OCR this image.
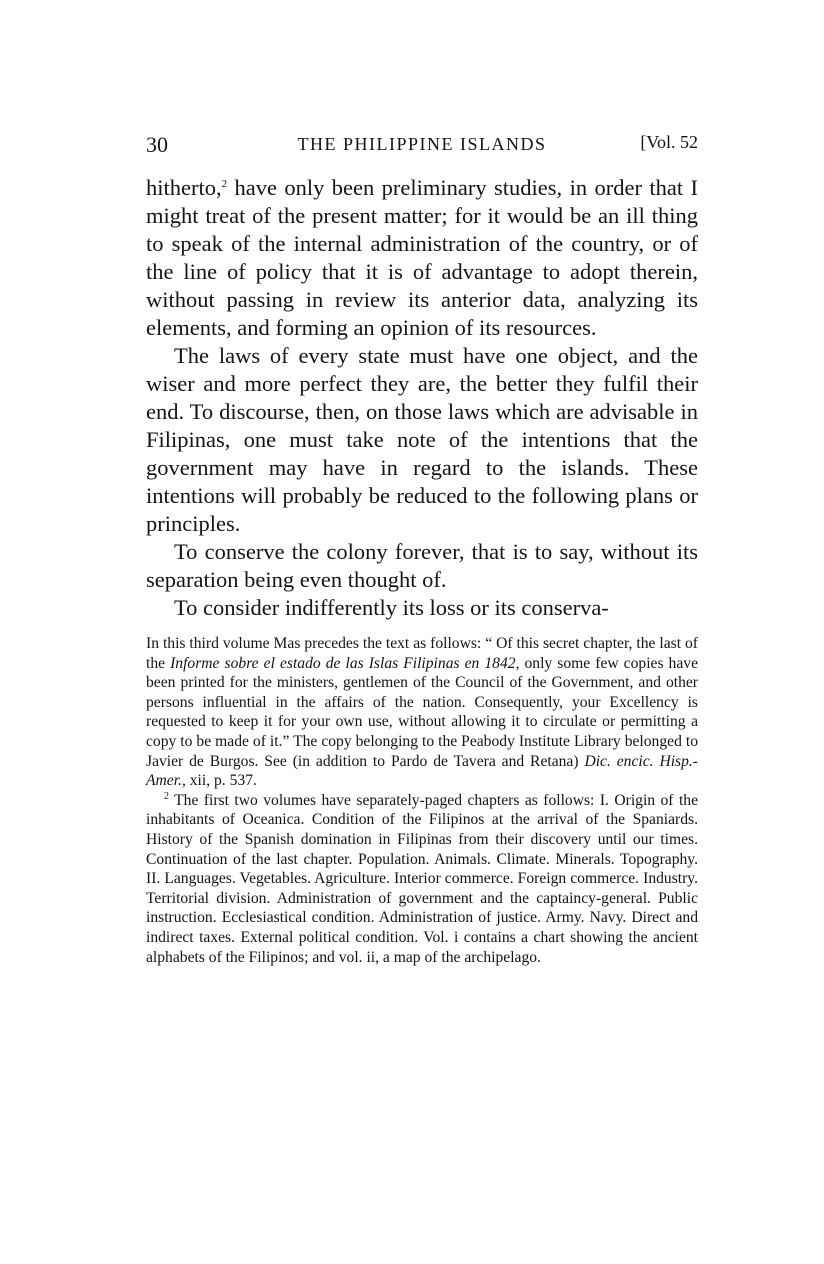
30	THE PHILIPPINE ISLANDS	[Vol. 52

hitherto,$^2$ have only been preliminary studies, in order that I might treat of the present matter; for it would be an ill thing to speak of the internal administration of the country, or of the line of policy that it is of advantage to adopt therein, without passing in review its anterior data, analyzing its elements, and forming an opinion of its resources.

The laws of every state must have one object, and the wiser and more perfect they are, the better they fulfil their end. To discourse, then, on those laws which are advisable in Filipinas, one must take note of the intentions that the government may have in regard to the islands. These intentions will probably be reduced to the following plans or principles.

To conserve the colony forever, that is to say, without its separation being even thought of.

To consider indifferently its loss or its conserva-

In this third volume Mas precedes the text as follows: “ Of this secret chapter, the last of the Informe sobre el estado de las Islas Filipinas en 1842, only some few copies have been printed for the ministers, gentlemen of the Council of the Government, and other persons influential in the affairs of the nation. Consequently, your Excellency is requested to keep it for your own use, without allowing it to circulate or permitting a copy to be made of it.” The copy belonging to the Peabody Institute Library belonged to Javier de Burgos. See (in addition to Pardo de Tavera and Retana) Dic. encic. Hisp.-Amer., xii, p. 537.

$^2$ The first two volumes have separately-paged chapters as follows: I. Origin of the inhabitants of Oceanica. Condition of the Filipinos at the arrival of the Spaniards. History of the Spanish domination in Filipinas from their discovery until our times. Continuation of the last chapter. Population. Animals. Climate. Minerals. Topography. II. Languages. Vegetables. Agriculture. Interior commerce. Foreign commerce. Industry. Territorial division. Administration of government and the captaincy-general. Public instruction. Ecclesiastical condition. Administration of justice. Army. Navy. Direct and indirect taxes. External political condition. Vol. i contains a chart showing the ancient alphabets of the Filipinos; and vol. ii, a map of the archipelago.
